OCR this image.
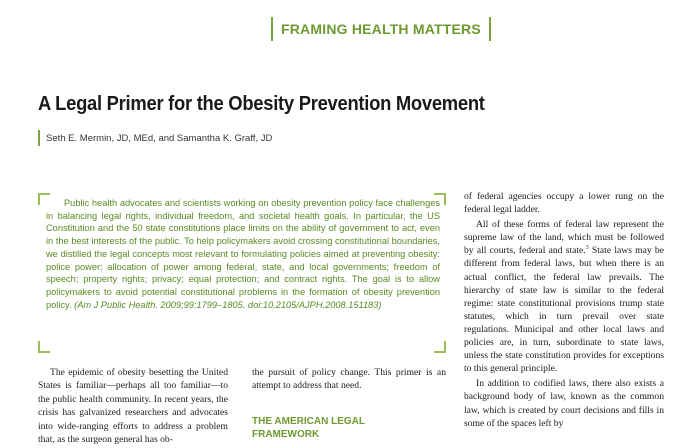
FRAMING HEALTH MATTERS
A Legal Primer for the Obesity Prevention Movement
Seth E. Mermin, JD, MEd, and Samantha K. Graff, JD

Public health advocates and scientists working on obesity prevention policy face challenges in balancing legal rights, individual freedom, and societal health goals. In particular, the US Constitution and the 50 state constitutions place limits on the ability of government to act, even in the best interests of the public. To help policymakers avoid crossing constitutional boundaries, we distilled the legal concepts most relevant to formulating policies aimed at preventing obesity: police power; allocation of power among federal, state, and local governments; freedom of speech; property rights; privacy; equal protection; and contract rights. The goal is to allow policymakers to avoid potential constitutional problems in the formation of obesity prevention policy. (Am J Public Health. 2009;99:1799–1805. doi:10.2105/AJPH.2008.151183)

The epidemic of obesity besetting the United States is familiar—perhaps all too familiar—to the public health community. In recent years, the crisis has galvanized researchers and advocates into wide-ranging efforts to address a problem that, as the surgeon general has ob-

the pursuit of policy change. This primer is an attempt to address that need.

THE AMERICAN LEGAL FRAMEWORK

of federal agencies occupy a lower rung on the federal legal ladder.

All of these forms of federal law represent the supreme law of the land, which must be followed by all courts, federal and state.$^3$ State laws may be different from federal laws, but when there is an actual conflict, the federal law prevails. The hierarchy of state law is similar to the federal regime: state constitutional provisions trump state statutes, which in turn prevail over state regulations. Municipal and other local laws and policies are, in turn, subordinate to state laws, unless the state constitution provides for exceptions to this general principle.

In addition to codified laws, there also exists a background body of law, known as the common law, which is created by court decisions and fills in some of the spaces left by
